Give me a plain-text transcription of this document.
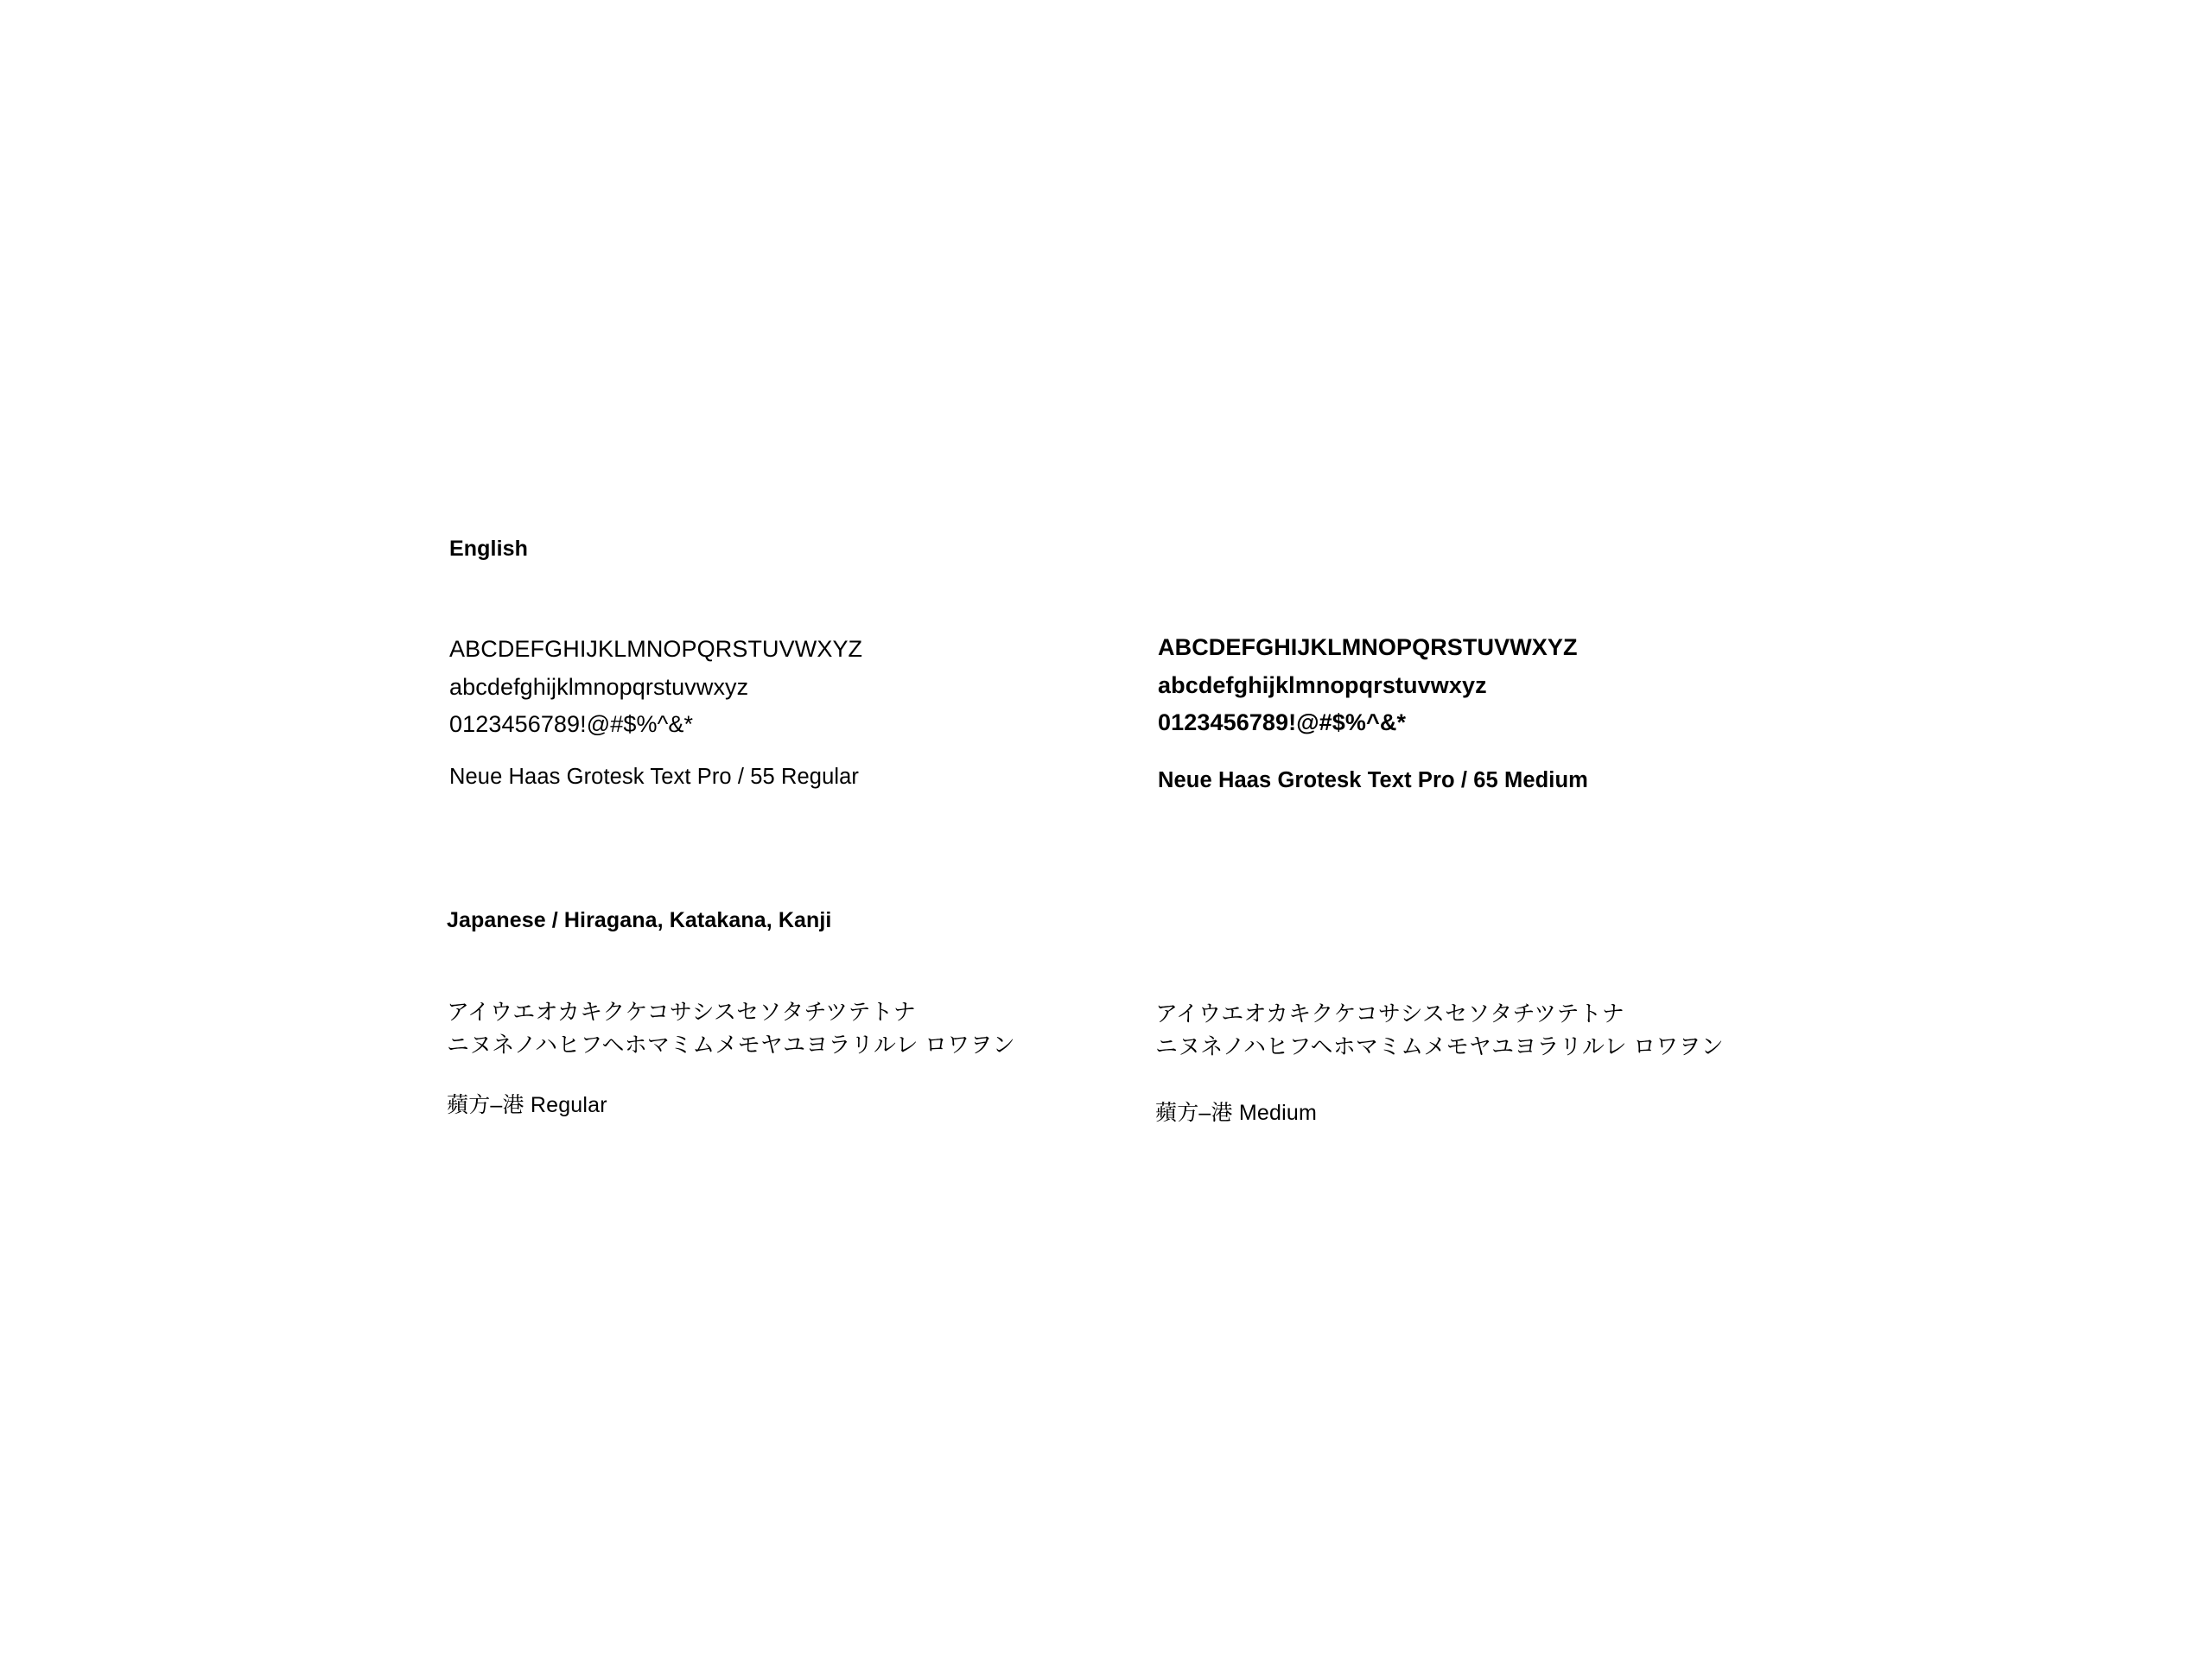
English
ABCDEFGHIJKLMNOPQRSTUVWXYZ
abcdefghijklmnopqrstuvwxyz
0123456789!@#$%^&*
Neue Haas Grotesk Text Pro / 55 Regular
ABCDEFGHIJKLMNOPQRSTUVWXYZ
abcdefghijklmnopqrstuvwxyz
0123456789!@#$%^&*
Neue Haas Grotesk Text Pro / 65 Medium
Japanese / Hiragana, Katakana, Kanji
アイウエオカキクケコサシスセソタチツテトナ
ニヌネノハヒフヘホマミムメモヤユヨラリルレ ロワヲン
蘋方–港 Regular
アイウエオカキクケコサシスセソタチツテトナ
ニヌネノハヒフヘホマミムメモヤユヨラリルレ ロワヲン
蘋方–港 Medium
